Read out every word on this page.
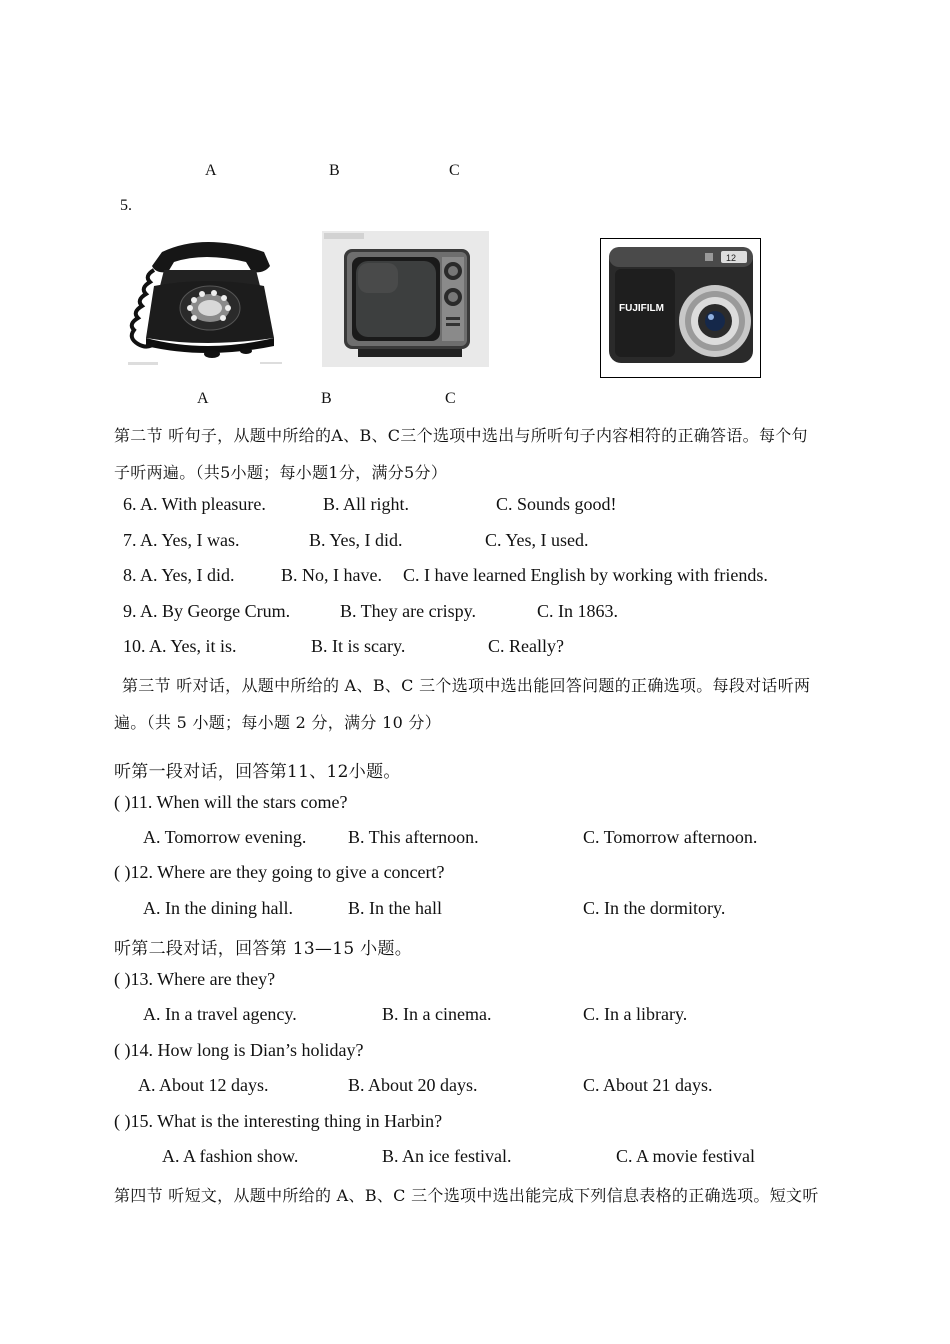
A	B	C
5.
12
FUJIFILM
A	B	C
第二节 听句子，从题中所给的A、B、C三个选项中选出与所听句子内容相符的正确答语。每个句
子听两遍。（共5小题；每小题1分，满分5分）
6. A. With pleasure.	B. All right.	C. Sounds good!
7. A. Yes, I was.	B. Yes, I did.	C. Yes, I used.
8. A. Yes, I did.	B. No, I have. C. I have learned English by working with friends.
9. A. By George Crum.	B. They are crispy.	C. In 1863.
10. A. Yes, it is.	B. It is scary.	C. Really?
第三节 听对话，从题中所给的 A、B、C 三个选项中选出能回答问题的正确选项。每段对话听两
遍。（共 5 小题；每小题 2 分，满分 10 分）
听第一段对话，回答第11、12小题。
( )11. When will the stars come?
A. Tomorrow evening. B. This afternoon.	C. Tomorrow afternoon.
( )12. Where are they going to give a concert?
A. In the dining hall.	B. In the hall	C. In the dormitory.
听第二段对话，回答第 13—15 小题。
( )13. Where are they?
A. In a travel agency.	B. In a cinema.	C. In a library.
( )14. How long is Dian’s holiday?
A. About 12 days.	B. About 20 days.	C. About 21 days.
( )15. What is the interesting thing in Harbin?
A. A fashion show.	B. An ice festival.	C. A movie festival
第四节 听短文，从题中所给的 A、B、C 三个选项中选出能完成下列信息表格的正确选项。短文听
